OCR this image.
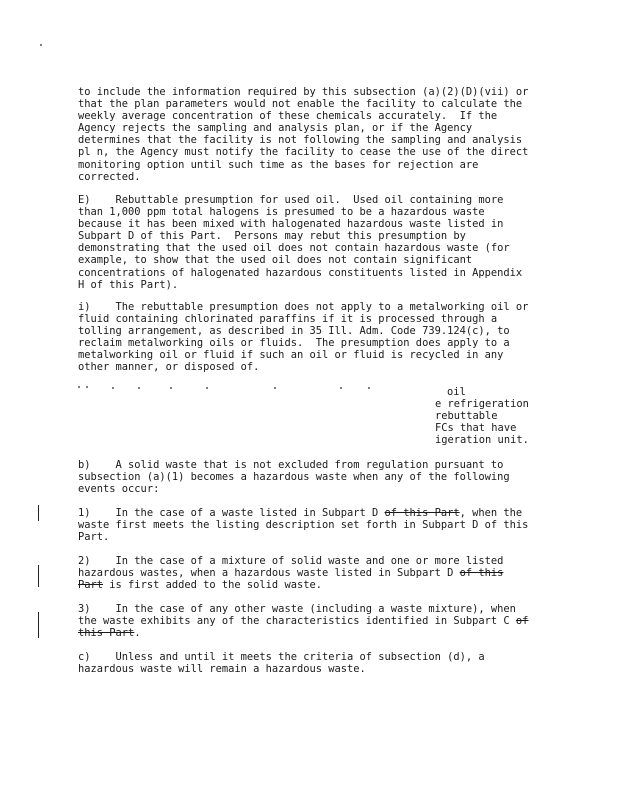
to include the information required by this subsection (a)(2)(D)(vii) or
that the plan parameters would not enable the facility to calculate the
weekly average concentration of these chemicals accurately.  If the
Agency rejects the sampling and analysis plan, or if the Agency
determines that the facility is not following the sampling and analysis
pl n, the Agency must notify the facility to cease the use of the direct
monitoring option until such time as the bases for rejection are
corrected.
E)    Rebuttable presumption for used oil.  Used oil containing more
than 1,000 ppm total halogens is presumed to be a hazardous waste
because it has been mixed with halogenated hazardous waste listed in
Subpart D of this Part.  Persons may rebut this presumption by
demonstrating that the used oil does not contain hazardous waste (for
example, to show that the used oil does not contain significant
concentrations of halogenated hazardous constituents listed in Appendix
H of this Part).
i)    The rebuttable presumption does not apply to a metalworking oil or
fluid containing chlorinated paraffins if it is processed through a
tolling arrangement, as described in 35 Ill. Adm. Code 739.124(c), to
reclaim metalworking oils or fluids.  The presumption does apply to a
metalworking oil or fluid if such an oil or fluid is recycled in any
other manner, or disposed of.
oil
e refrigeration
rebuttable
FCs that have
igeration unit.
b)    A solid waste that is not excluded from regulation pursuant to
subsection (a)(1) becomes a hazardous waste when any of the following
events occur:
1)    In the case of a waste listed in Subpart D of this Part, when the
waste first meets the listing description set forth in Subpart D of this
Part.
2)    In the case of a mixture of solid waste and one or more listed
hazardous wastes, when a hazardous waste listed in Subpart D of this
Part is first added to the solid waste.
3)    In the case of any other waste (including a waste mixture), when
the waste exhibits any of the characteristics identified in Subpart C of
this Part.
c)    Unless and until it meets the criteria of subsection (d), a
hazardous waste will remain a hazardous waste.
